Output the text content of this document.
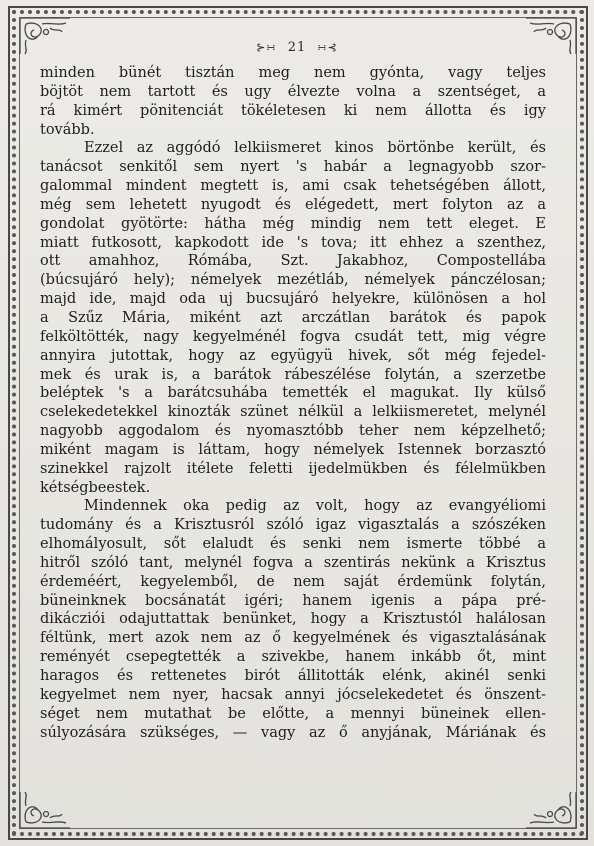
⊱∺ 21 ∺⊰

minden bünét tisztán meg nem gyónta, vagy teljes
böjtöt nem tartott és ugy élvezte volna a szentséget, a
rá kimért pönitenciát tökéletesen ki nem állotta és igy
tovább.

Ezzel az aggódó lelkiismeret kinos börtönbe került, és
tanácsot senkitől sem nyert 's habár a legnagyobb szor-
galommal mindent megtett is, ami csak tehetségében állott,
még sem lehetett nyugodt és elégedett, mert folyton az a
gondolat gyötörte: hátha még mindig nem tett eleget. E
miatt futkosott, kapkodott ide 's tova; itt ehhez a szenthez,
ott amahhoz, Rómába, Szt. Jakabhoz, Compostellába
(búcsujáró hely); némelyek mezétláb, némelyek pánczélosan;
majd ide, majd oda uj bucsujáró helyekre, különösen a hol
a Szűz Mária, miként azt arczátlan barátok és papok
felköltötték, nagy kegyelménél fogva csudát tett, mig végre
annyira jutottak, hogy az együgyü hivek, sőt még fejedel-
mek és urak is, a barátok rábeszélése folytán, a szerzetbe
beléptek 's a barátcsuhába temették el magukat. Ily külső
cselekedetekkel kinozták szünet nélkül a lelkiismeretet, melynél
nagyobb aggodalom és nyomasztóbb teher nem képzelhető;
miként magam is láttam, hogy némelyek Istennek borzasztó
szinekkel rajzolt itélete feletti ijedelmükben és félelmükben
kétségbeestek.

Mindennek oka pedig az volt, hogy az evangyéliomi
tudomány és a Krisztusról szóló igaz vigasztalás a szószéken
elhomályosult, sőt elaludt és senki nem ismerte többé a
hitről szóló tant, melynél fogva a szentirás nekünk a Krisztus
érdeméért, kegyelemből, de nem saját érdemünk folytán,
büneinknek bocsánatát igéri; hanem igenis a pápa pré-
dikácziói odajuttattak benünket, hogy a Krisztustól halálosan
féltünk, mert azok nem az ő kegyelmének és vigasztalásának
reményét csepegtették a szivekbe, hanem inkább őt, mint
haragos és rettenetes birót állitották elénk, akinél senki
kegyelmet nem nyer, hacsak annyi jócselekedetet és önszent-
séget nem mutathat be előtte, a mennyi büneinek ellen-
súlyozására szükséges, — vagy az ő anyjának, Máriának és
